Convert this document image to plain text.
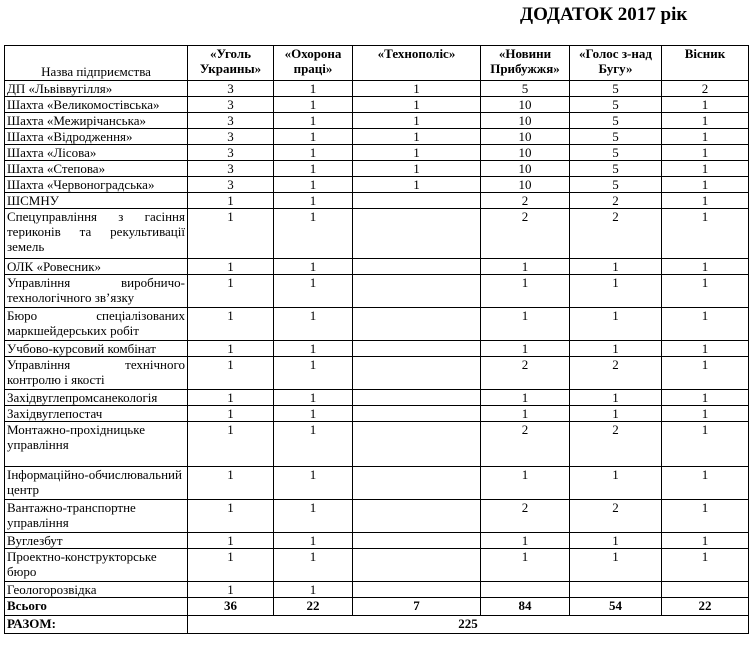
ДОДАТОК 2017 рік
Назва підприємства	«Уголь Украины»	«Охорона праці»	«Технополіс»	«Новини Прибужжя»	«Голос з-над Бугу»	Вісник
ДП «Львіввугілля»	3	1	1	5	5	2
Шахта «Великомостівська»	3	1	1	10	5	1
Шахта «Межирічанська»	3	1	1	10	5	1
Шахта «Відродження»	3	1	1	10	5	1
Шахта «Лісова»	3	1	1	10	5	1
Шахта «Степова»	3	1	1	10	5	1
Шахта «Червоноградська»	3	1	1	10	5	1
ШСМНУ	1	1		2	2	1
Спецуправління з гасіння териконів та рекультивації земель	1	1		2	2	1
ОЛК «Ровесник»	1	1		1	1	1
Управління виробничо-технологічного зв’язку	1	1		1	1	1
Бюро спеціалізованих маркшейдерських робіт	1	1		1	1	1
Учбово-курсовий комбінат	1	1		1	1	1
Управління технічного контролю і якості	1	1		2	2	1
Західвуглепромсанекологія	1	1		1	1	1
Західвуглепостач	1	1		1	1	1
Монтажно-прохідницьке управління	1	1		2	2	1
Інформаційно-обчислювальний центр	1	1		1	1	1
Вантажно-транспортне управління	1	1		2	2	1
Вуглезбут	1	1		1	1	1
Проектно-конструкторське бюро	1	1		1	1	1
Геологорозвідка	1	1				
Всього	36	22	7	84	54	22
РАЗОМ:	225					
